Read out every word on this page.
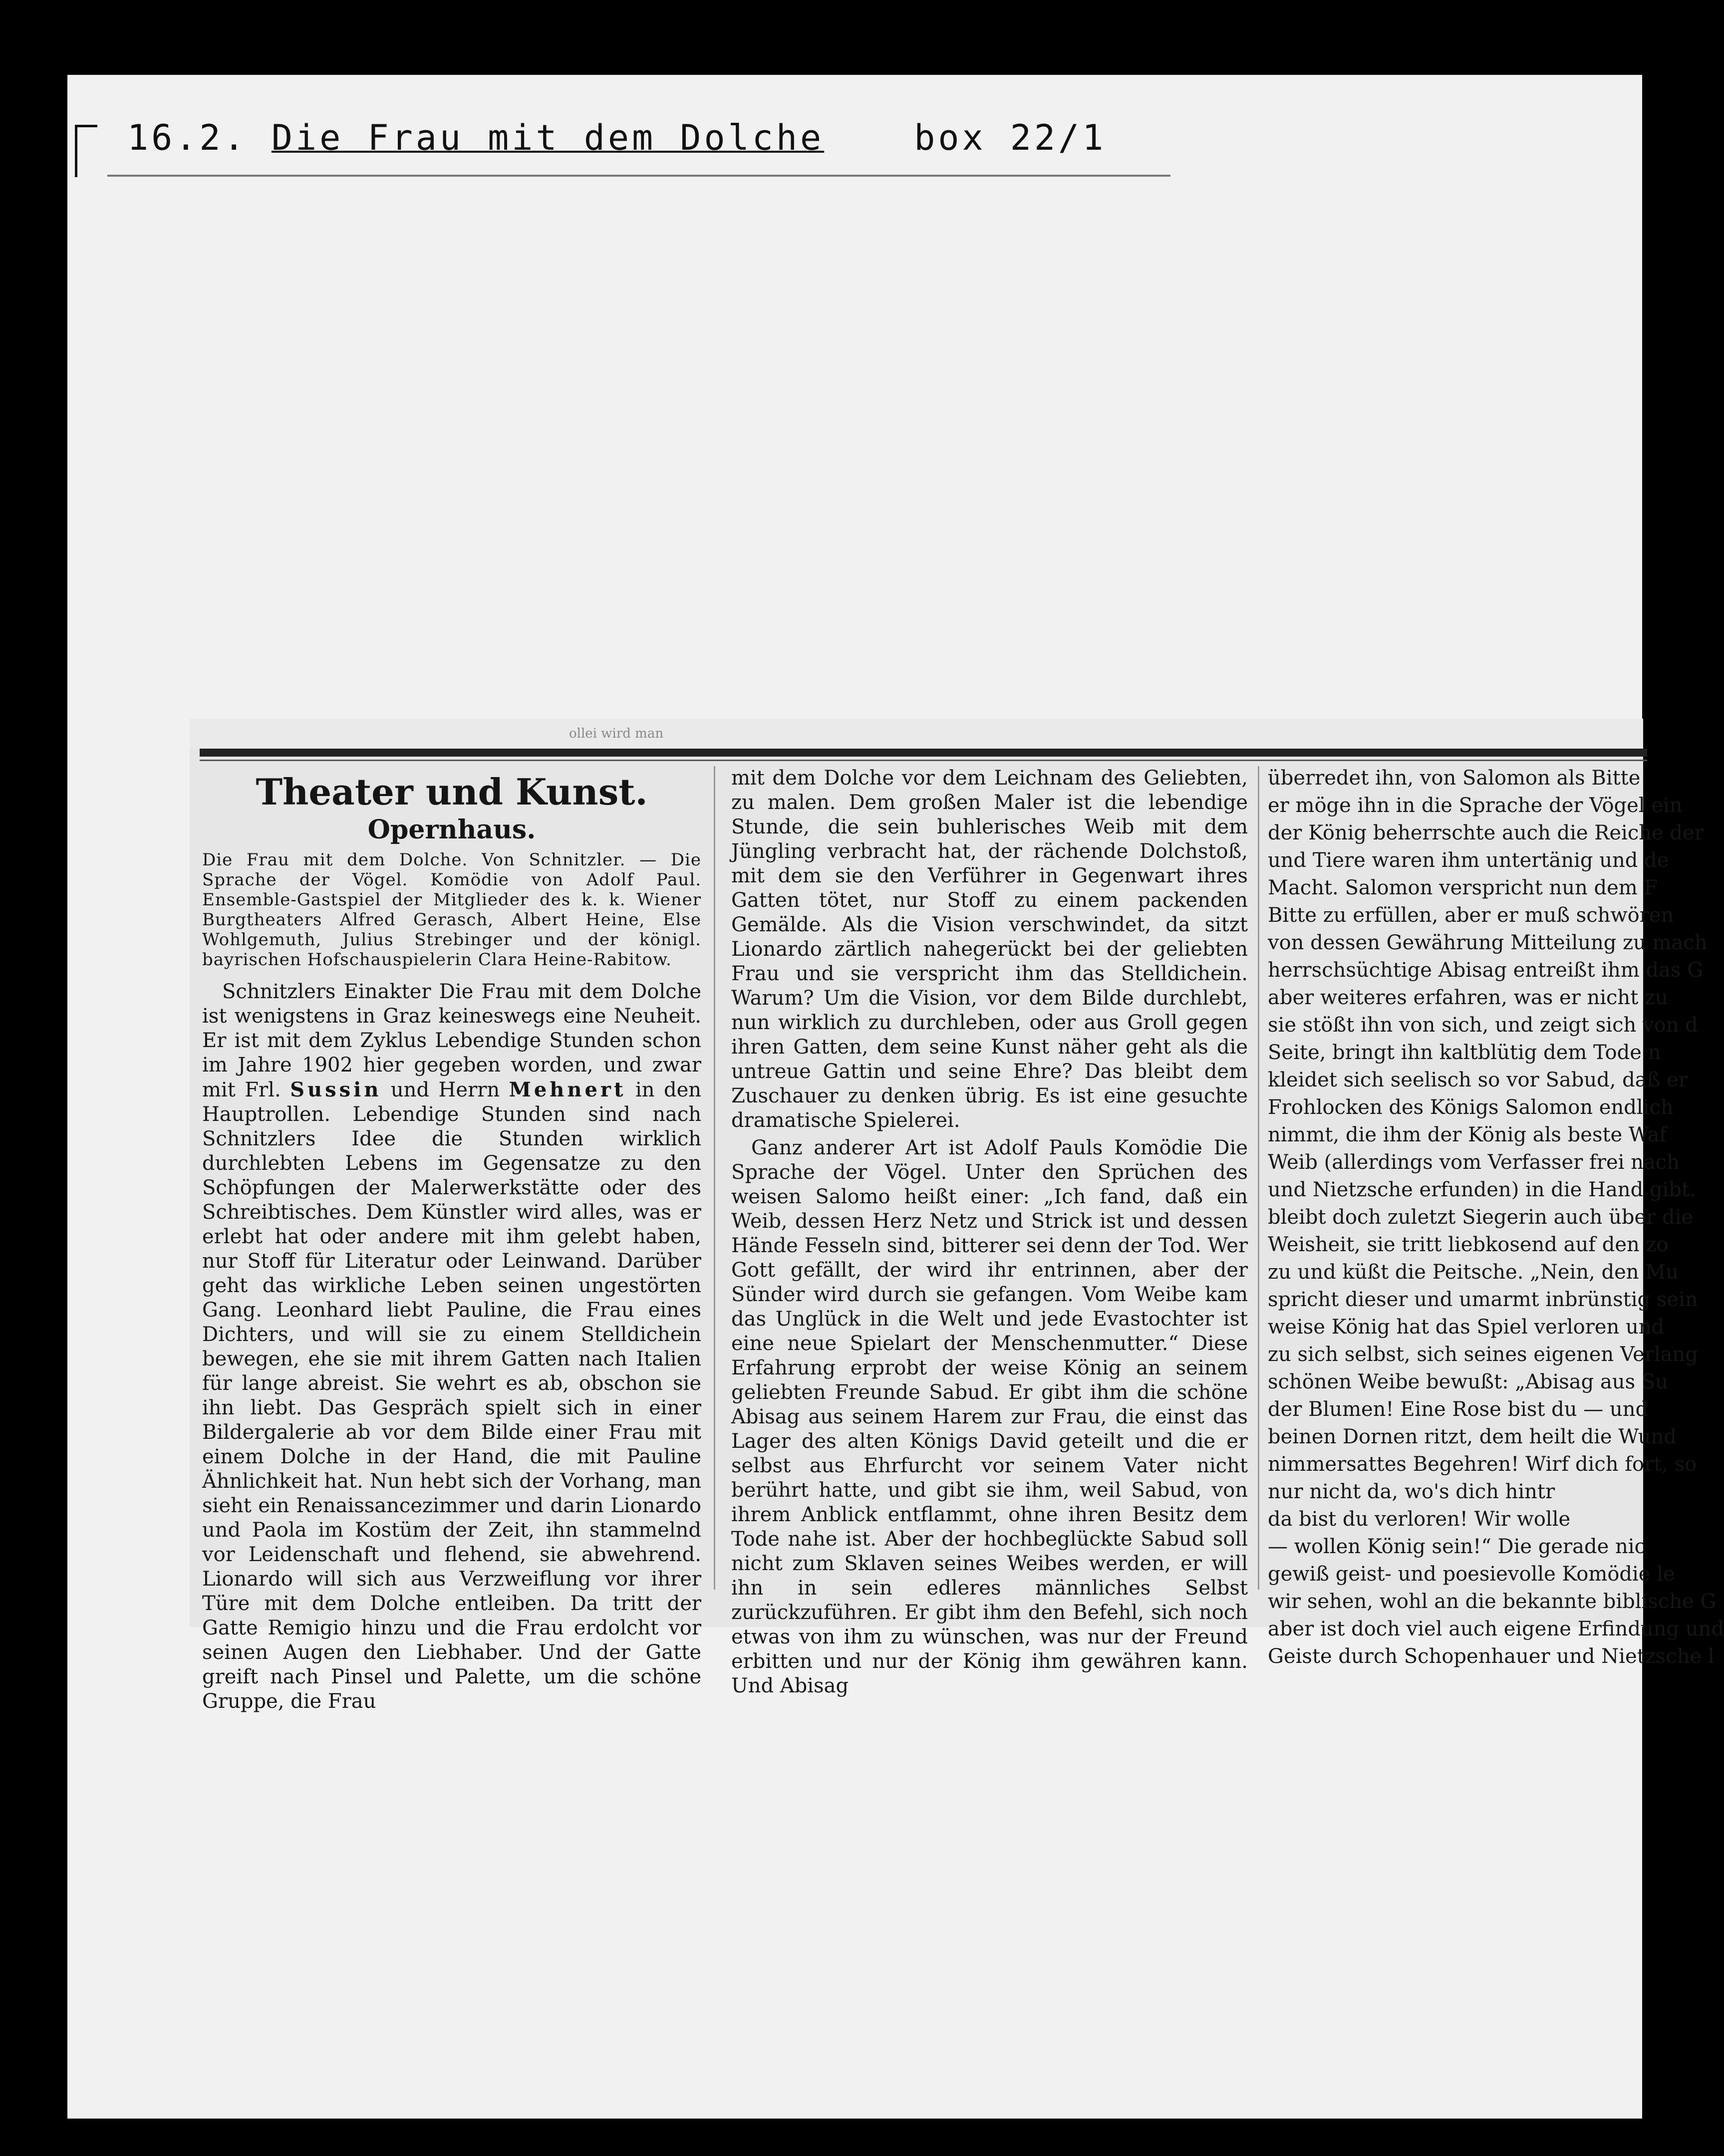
16.2. Die Frau mit dem Dolche	box 22/1
ollei wird man
Theater und Kunst.
Opernhaus.
Die Frau mit dem Dolche. Von Schnitzler. — Die Sprache der Vögel. Komödie von Adolf Paul. Ensemble-Gastspiel der Mitglieder des k. k. Wiener Burgtheaters Alfred Gerasch, Albert Heine, Else Wohlgemuth, Julius Strebinger und der königl. bayrischen Hofschauspielerin Clara Heine-Rabitow.

Schnitzlers Einakter Die Frau mit dem Dolche ist wenigstens in Graz keineswegs eine Neuheit. Er ist mit dem Zyklus Lebendige Stunden schon im Jahre 1902 hier gegeben worden, und zwar mit Frl. Sussin und Herrn Mehnert in den Hauptrollen. Lebendige Stunden sind nach Schnitzlers Idee die Stunden wirklich durchlebten Lebens im Gegensatze zu den Schöpfungen der Malerwerkstätte oder des Schreibtisches. Dem Künstler wird alles, was er erlebt hat oder andere mit ihm gelebt haben, nur Stoff für Literatur oder Leinwand. Darüber geht das wirkliche Leben seinen ungestörten Gang. Leonhard liebt Pauline, die Frau eines Dichters, und will sie zu einem Stelldichein bewegen, ehe sie mit ihrem Gatten nach Italien für lange abreist. Sie wehrt es ab, obschon sie ihn liebt. Das Gespräch spielt sich in einer Bildergalerie ab vor dem Bilde einer Frau mit einem Dolche in der Hand, die mit Pauline Ähnlichkeit hat. Nun hebt sich der Vorhang, man sieht ein Renaissancezimmer und darin Lionardo und Paola im Kostüm der Zeit, ihn stammelnd vor Leidenschaft und flehend, sie abwehrend. Lionardo will sich aus Verzweiflung vor ihrer Türe mit dem Dolche entleiben. Da tritt der Gatte Remigio hinzu und die Frau erdolcht vor seinen Augen den Liebhaber. Und der Gatte greift nach Pinsel und Palette, um die schöne Gruppe, die Frau

mit dem Dolche vor dem Leichnam des Geliebten, zu malen. Dem großen Maler ist die lebendige Stunde, die sein buhlerisches Weib mit dem Jüngling verbracht hat, der rächende Dolchstoß, mit dem sie den Verführer in Gegenwart ihres Gatten tötet, nur Stoff zu einem packenden Gemälde. Als die Vision verschwindet, da sitzt Lionardo zärtlich nahegerückt bei der geliebten Frau und sie verspricht ihm das Stelldichein. Warum? Um die Vision, vor dem Bilde durchlebt, nun wirklich zu durchleben, oder aus Groll gegen ihren Gatten, dem seine Kunst näher geht als die untreue Gattin und seine Ehre? Das bleibt dem Zuschauer zu denken übrig. Es ist eine gesuchte dramatische Spielerei.

Ganz anderer Art ist Adolf Pauls Komödie Die Sprache der Vögel. Unter den Sprüchen des weisen Salomo heißt einer: „Ich fand, daß ein Weib, dessen Herz Netz und Strick ist und dessen Hände Fesseln sind, bitterer sei denn der Tod. Wer Gott gefällt, der wird ihr entrinnen, aber der Sünder wird durch sie gefangen. Vom Weibe kam das Unglück in die Welt und jede Evastochter ist eine neue Spielart der Menschenmutter.“ Diese Erfahrung erprobt der weise König an seinem geliebten Freunde Sabud. Er gibt ihm die schöne Abisag aus seinem Harem zur Frau, die einst das Lager des alten Königs David geteilt und die er selbst aus Ehrfurcht vor seinem Vater nicht berührt hatte, und gibt sie ihm, weil Sabud, von ihrem Anblick entflammt, ohne ihren Besitz dem Tode nahe ist. Aber der hochbeglückte Sabud soll nicht zum Sklaven seines Weibes werden, er will ihn in sein edleres männliches Selbst zurückzuführen. Er gibt ihm den Befehl, sich noch etwas von ihm zu wünschen, was nur der Freund erbitten und nur der König ihm gewähren kann. Und Abisag

überredet ihn, von Salomon als Bitte

er möge ihn in die Sprache der Vögel ein

der König beherrschte auch die Reiche der

und Tiere waren ihm untertänig und de

Macht. Salomon verspricht nun dem F

Bitte zu erfüllen, aber er muß schwören

von dessen Gewährung Mitteilung zu mach

herrschsüchtige Abisag entreißt ihm das G

aber weiteres erfahren, was er nicht zu

sie stößt ihn von sich, und zeigt sich von d

Seite, bringt ihn kaltblütig dem Tode n

kleidet sich seelisch so vor Sabud, daß er

Frohlocken des Königs Salomon endlich

nimmt, die ihm der König als beste Waf

Weib (allerdings vom Verfasser frei nach

und Nietzsche erfunden) in die Hand gibt.

bleibt doch zuletzt Siegerin auch über die

Weisheit, sie tritt liebkosend auf den zo

zu und küßt die Peitsche. „Nein, den Mu

spricht dieser und umarmt inbrünstig sein

weise König hat das Spiel verloren und

zu sich selbst, sich seines eigenen Verlang

schönen Weibe bewußt: „Abisag aus Su

der Blumen! Eine Rose bist du — und

beinen Dornen ritzt, dem heilt die Wund

nimmersattes Begehren! Wirf dich fort, so

nur nicht da, wo's dich hintr

da bist du verloren! Wir wolle

— wollen König sein!“ Die gerade nic

gewiß geist- und poesievolle Komödie le

wir sehen, wohl an die bekannte biblische G

aber ist doch viel auch eigene Erfindung und

Geiste durch Schopenhauer und Nietzsche l
